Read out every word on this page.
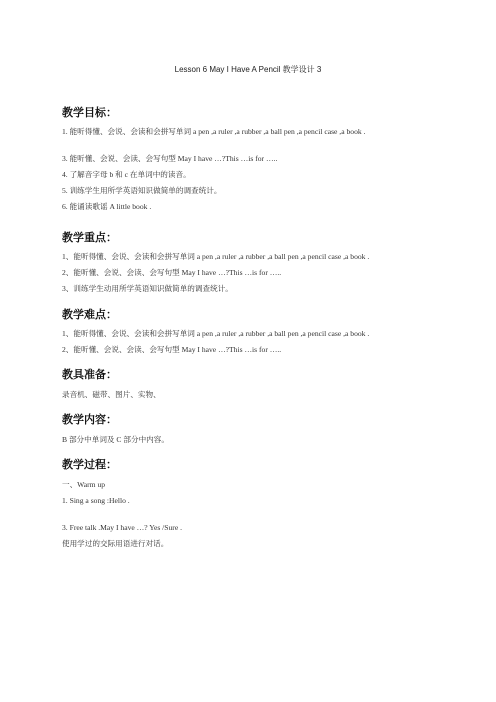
Lesson 6 May I Have A Pencil 教学设计 3
教学目标：
1. 能听得懂、会说、会读和会拼写单词 a pen ,a ruler ,a rubber ,a ball pen ,a pencil case ,a book .
3. 能听懂、会说、会读、会写句型 May I have …?This …is for …..
4. 了解音字母 b 和 c 在单词中的读音。
5. 训练学生用所学英语知识做简单的调查统计。
6. 能诵读歌谣 A little book .
教学重点：
1、能听得懂、会说、会读和会拼写单词 a pen ,a ruler ,a rubber ,a ball pen ,a pencil case ,a book .
2、能听懂、会说、会读、会写句型 May I have …?This …is for …..
3、训练学生动用所学英语知识做简单的调查统计。
教学难点：
1、能听得懂、会说、会读和会拼写单词 a pen ,a ruler ,a rubber ,a ball pen ,a pencil case ,a book .
2、能听懂、会说、会读、会写句型 May I have …?This …is for …..
教具准备：
录音机、磁带、图片、实物、
教学内容：
B 部分中单词及 C 部分中内容。
教学过程：
一、Warm up
1. Sing a song :Hello .
3. Free talk .May I have …? Yes /Sure .
使用学过的交际用语进行对话。
